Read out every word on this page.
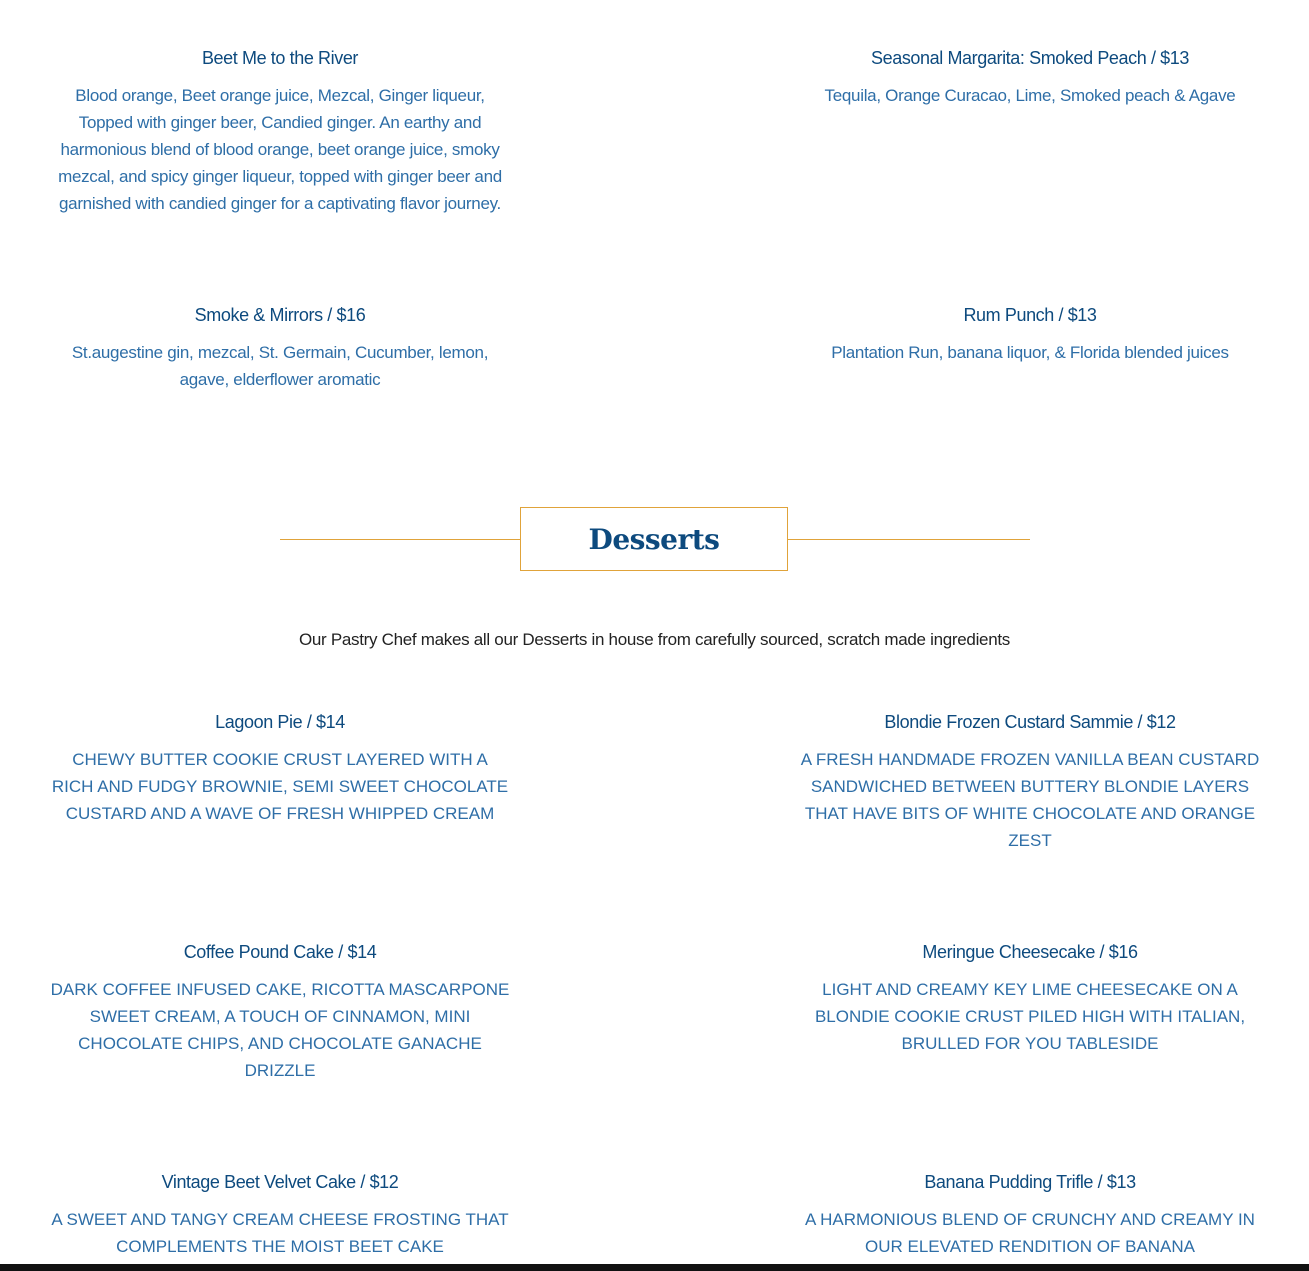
Beet Me to the River

Blood orange, Beet orange juice, Mezcal, Ginger liqueur, Topped with ginger beer, Candied ginger. An earthy and harmonious blend of blood orange, beet orange juice, smoky mezcal, and spicy ginger liqueur, topped with ginger beer and garnished with candied ginger for a captivating flavor journey.

Seasonal Margarita: Smoked Peach / $13

Tequila, Orange Curacao, Lime, Smoked peach & Agave

Smoke & Mirrors / $16

St.augestine gin, mezcal, St. Germain, Cucumber, lemon, agave, elderflower aromatic

Rum Punch / $13

Plantation Run, banana liquor, & Florida blended juices

Desserts
Our Pastry Chef makes all our Desserts in house from carefully sourced, scratch made ingredients

Lagoon Pie / $14

CHEWY BUTTER COOKIE CRUST LAYERED WITH A RICH AND FUDGY BROWNIE, SEMI SWEET CHOCOLATE CUSTARD AND A WAVE OF FRESH WHIPPED CREAM

Blondie Frozen Custard Sammie / $12

A FRESH HANDMADE FROZEN VANILLA BEAN CUSTARD SANDWICHED BETWEEN BUTTERY BLONDIE LAYERS THAT HAVE BITS OF WHITE CHOCOLATE AND ORANGE ZEST

Coffee Pound Cake / $14

DARK COFFEE INFUSED CAKE, RICOTTA MASCARPONE SWEET CREAM, A TOUCH OF CINNAMON, MINI CHOCOLATE CHIPS, AND CHOCOLATE GANACHE DRIZZLE

Meringue Cheesecake / $16

LIGHT AND CREAMY KEY LIME CHEESECAKE ON A BLONDIE COOKIE CRUST PILED HIGH WITH ITALIAN, BRULLED FOR YOU TABLESIDE

Vintage Beet Velvet Cake / $12

A SWEET AND TANGY CREAM CHEESE FROSTING THAT COMPLEMENTS THE MOIST BEET CAKE

Banana Pudding Trifle / $13

A HARMONIOUS BLEND OF CRUNCHY AND CREAMY IN OUR ELEVATED RENDITION OF BANANA
